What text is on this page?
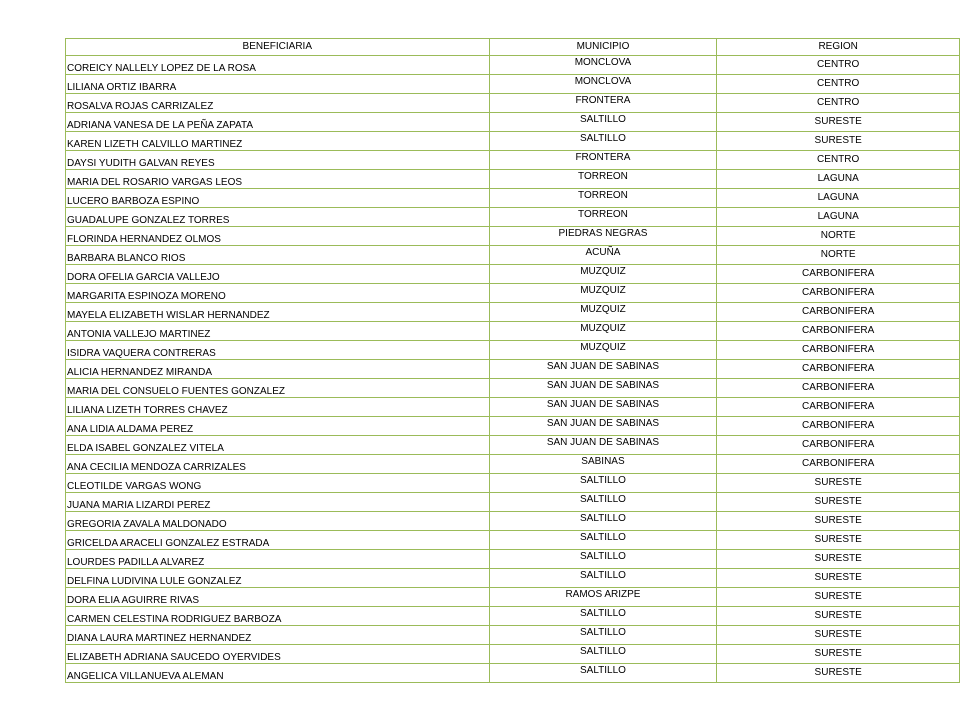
BENEFICIARIA	MUNICIPIO	REGION
COREICY NALLELY LOPEZ DE LA ROSA	MONCLOVA	CENTRO
LILIANA ORTIZ IBARRA	MONCLOVA	CENTRO
ROSALVA ROJAS CARRIZALEZ	FRONTERA	CENTRO
ADRIANA VANESA DE LA PEÑA ZAPATA	SALTILLO	SURESTE
KAREN LIZETH CALVILLO MARTINEZ	SALTILLO	SURESTE
DAYSI YUDITH GALVAN REYES	FRONTERA	CENTRO
MARIA DEL ROSARIO VARGAS LEOS	TORREON	LAGUNA
LUCERO BARBOZA ESPINO	TORREON	LAGUNA
GUADALUPE GONZALEZ TORRES	TORREON	LAGUNA
FLORINDA HERNANDEZ OLMOS	PIEDRAS NEGRAS	NORTE
BARBARA BLANCO RIOS	ACUÑA	NORTE
DORA OFELIA GARCIA VALLEJO	MUZQUIZ	CARBONIFERA
MARGARITA ESPINOZA MORENO	MUZQUIZ	CARBONIFERA
MAYELA ELIZABETH WISLAR HERNANDEZ	MUZQUIZ	CARBONIFERA
ANTONIA VALLEJO MARTINEZ	MUZQUIZ	CARBONIFERA
ISIDRA VAQUERA CONTRERAS	MUZQUIZ	CARBONIFERA
ALICIA HERNANDEZ MIRANDA	SAN JUAN DE SABINAS	CARBONIFERA
MARIA DEL CONSUELO FUENTES GONZALEZ	SAN JUAN DE SABINAS	CARBONIFERA
LILIANA LIZETH TORRES CHAVEZ	SAN JUAN DE SABINAS	CARBONIFERA
ANA LIDIA ALDAMA PEREZ	SAN JUAN DE SABINAS	CARBONIFERA
ELDA ISABEL GONZALEZ VITELA	SAN JUAN DE SABINAS	CARBONIFERA
ANA CECILIA MENDOZA CARRIZALES	SABINAS	CARBONIFERA
CLEOTILDE VARGAS WONG	SALTILLO	SURESTE
JUANA MARIA LIZARDI PEREZ	SALTILLO	SURESTE
GREGORIA ZAVALA MALDONADO	SALTILLO	SURESTE
GRICELDA ARACELI GONZALEZ ESTRADA	SALTILLO	SURESTE
LOURDES PADILLA ALVAREZ	SALTILLO	SURESTE
DELFINA LUDIVINA LULE GONZALEZ	SALTILLO	SURESTE
DORA ELIA AGUIRRE RIVAS	RAMOS ARIZPE	SURESTE
CARMEN CELESTINA RODRIGUEZ BARBOZA	SALTILLO	SURESTE
DIANA LAURA MARTINEZ HERNANDEZ	SALTILLO	SURESTE
ELIZABETH ADRIANA SAUCEDO OYERVIDES	SALTILLO	SURESTE
ANGELICA VILLANUEVA ALEMAN	SALTILLO	SURESTE
